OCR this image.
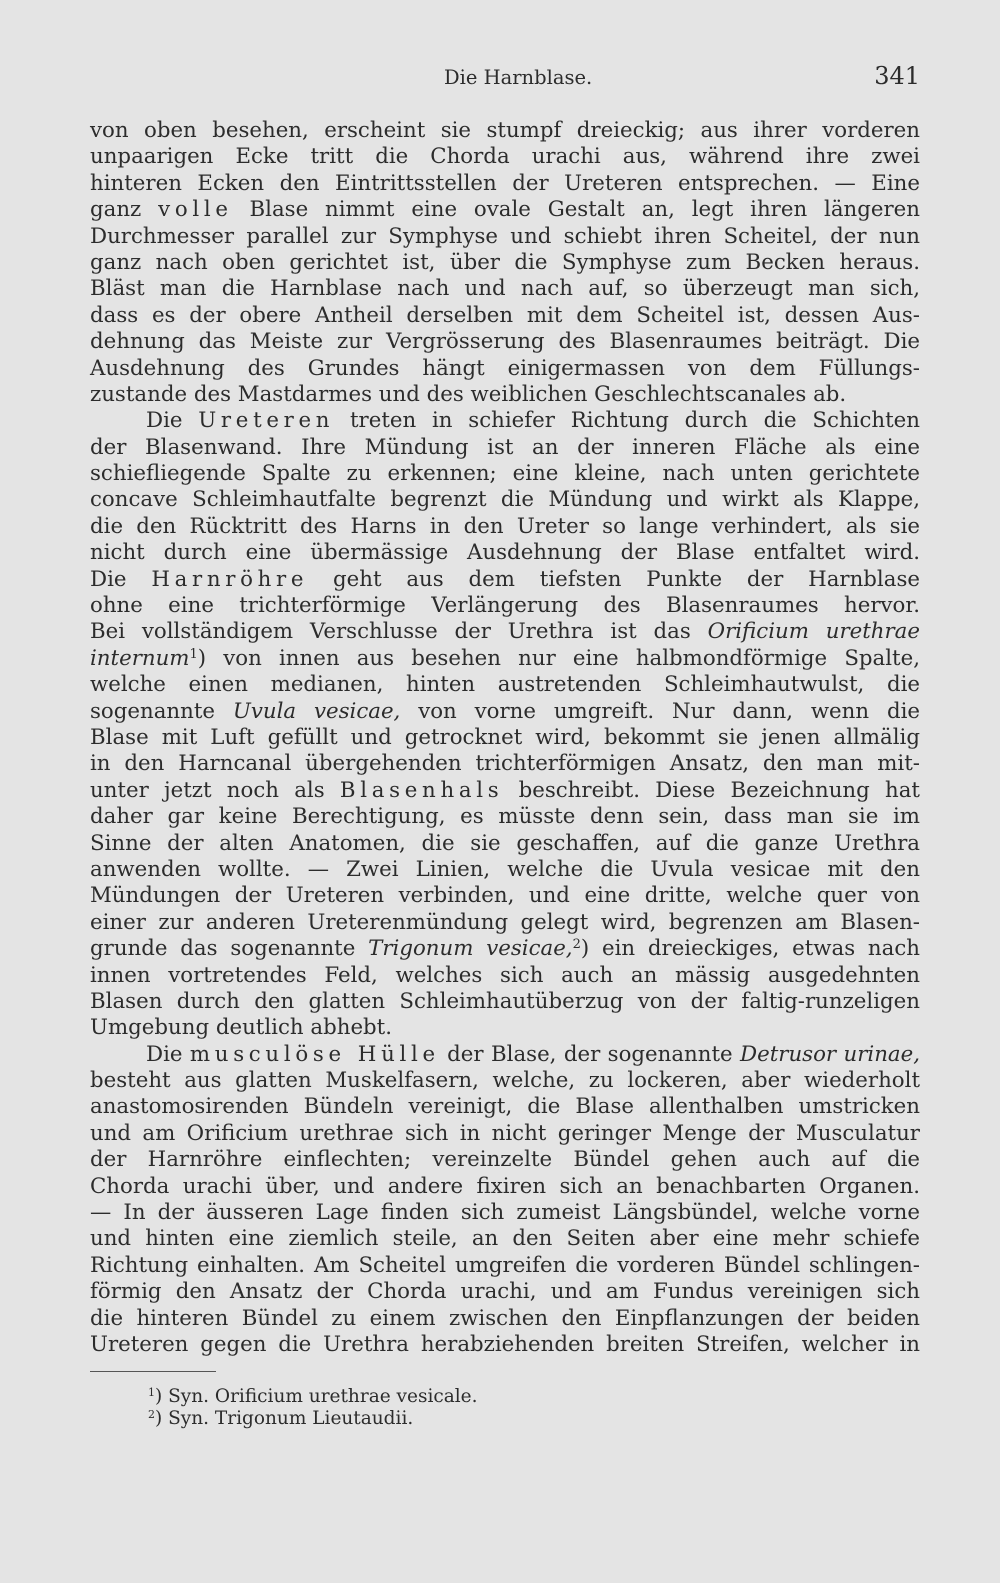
Die Harnblase.	341
von oben besehen, erscheint sie stumpf dreieckig; aus ihrer vorderen
unpaarigen Ecke tritt die Chorda urachi aus, während ihre zwei
hinteren Ecken den Eintrittsstellen der Ureteren entsprechen. — Eine
ganz volle Blase nimmt eine ovale Gestalt an, legt ihren längeren
Durchmesser parallel zur Symphyse und schiebt ihren Scheitel, der nun
ganz nach oben gerichtet ist, über die Symphyse zum Becken heraus.
Bläst man die Harnblase nach und nach auf, so überzeugt man sich,
dass es der obere Antheil derselben mit dem Scheitel ist, dessen Aus-
dehnung das Meiste zur Vergrösserung des Blasenraumes beiträgt. Die
Ausdehnung des Grundes hängt einigermassen von dem Füllungs-
zustande des Mastdarmes und des weiblichen Geschlechtscanales ab.
Die Ureteren treten in schiefer Richtung durch die Schichten
der Blasenwand. Ihre Mündung ist an der inneren Fläche als eine
schiefliegende Spalte zu erkennen; eine kleine, nach unten gerichtete
concave Schleimhautfalte begrenzt die Mündung und wirkt als Klappe,
die den Rücktritt des Harns in den Ureter so lange verhindert, als sie
nicht durch eine übermässige Ausdehnung der Blase entfaltet wird.
Die Harnröhre geht aus dem tiefsten Punkte der Harnblase
ohne eine trichterförmige Verlängerung des Blasenraumes hervor.
Bei vollständigem Verschlusse der Urethra ist das Orificium urethrae
internum$^1$) von innen aus besehen nur eine halbmondförmige Spalte,
welche einen medianen, hinten austretenden Schleimhautwulst, die
sogenannte Uvula vesicae, von vorne umgreift. Nur dann, wenn die
Blase mit Luft gefüllt und getrocknet wird, bekommt sie jenen allmälig
in den Harncanal übergehenden trichterförmigen Ansatz, den man mit-
unter jetzt noch als Blasenhals beschreibt. Diese Bezeichnung hat
daher gar keine Berechtigung, es müsste denn sein, dass man sie im
Sinne der alten Anatomen, die sie geschaffen, auf die ganze Urethra
anwenden wollte. — Zwei Linien, welche die Uvula vesicae mit den
Mündungen der Ureteren verbinden, und eine dritte, welche quer von
einer zur anderen Ureterenmündung gelegt wird, begrenzen am Blasen-
grunde das sogenannte Trigonum vesicae,$^2$) ein dreieckiges, etwas nach
innen vortretendes Feld, welches sich auch an mässig ausgedehnten
Blasen durch den glatten Schleimhautüberzug von der faltig-runzeligen
Umgebung deutlich abhebt.
Die musculöse Hülle der Blase, der sogenannte Detrusor urinae,
besteht aus glatten Muskelfasern, welche, zu lockeren, aber wiederholt
anastomosirenden Bündeln vereinigt, die Blase allenthalben umstricken
und am Orificium urethrae sich in nicht geringer Menge der Musculatur
der Harnröhre einflechten; vereinzelte Bündel gehen auch auf die
Chorda urachi über, und andere fixiren sich an benachbarten Organen.
— In der äusseren Lage finden sich zumeist Längsbündel, welche vorne
und hinten eine ziemlich steile, an den Seiten aber eine mehr schiefe
Richtung einhalten. Am Scheitel umgreifen die vorderen Bündel schlingen-
förmig den Ansatz der Chorda urachi, und am Fundus vereinigen sich
die hinteren Bündel zu einem zwischen den Einpflanzungen der beiden
Ureteren gegen die Urethra herabziehenden breiten Streifen, welcher in
$^1$) Syn. Orificium urethrae vesicale.
$^2$) Syn. Trigonum Lieutaudii.
